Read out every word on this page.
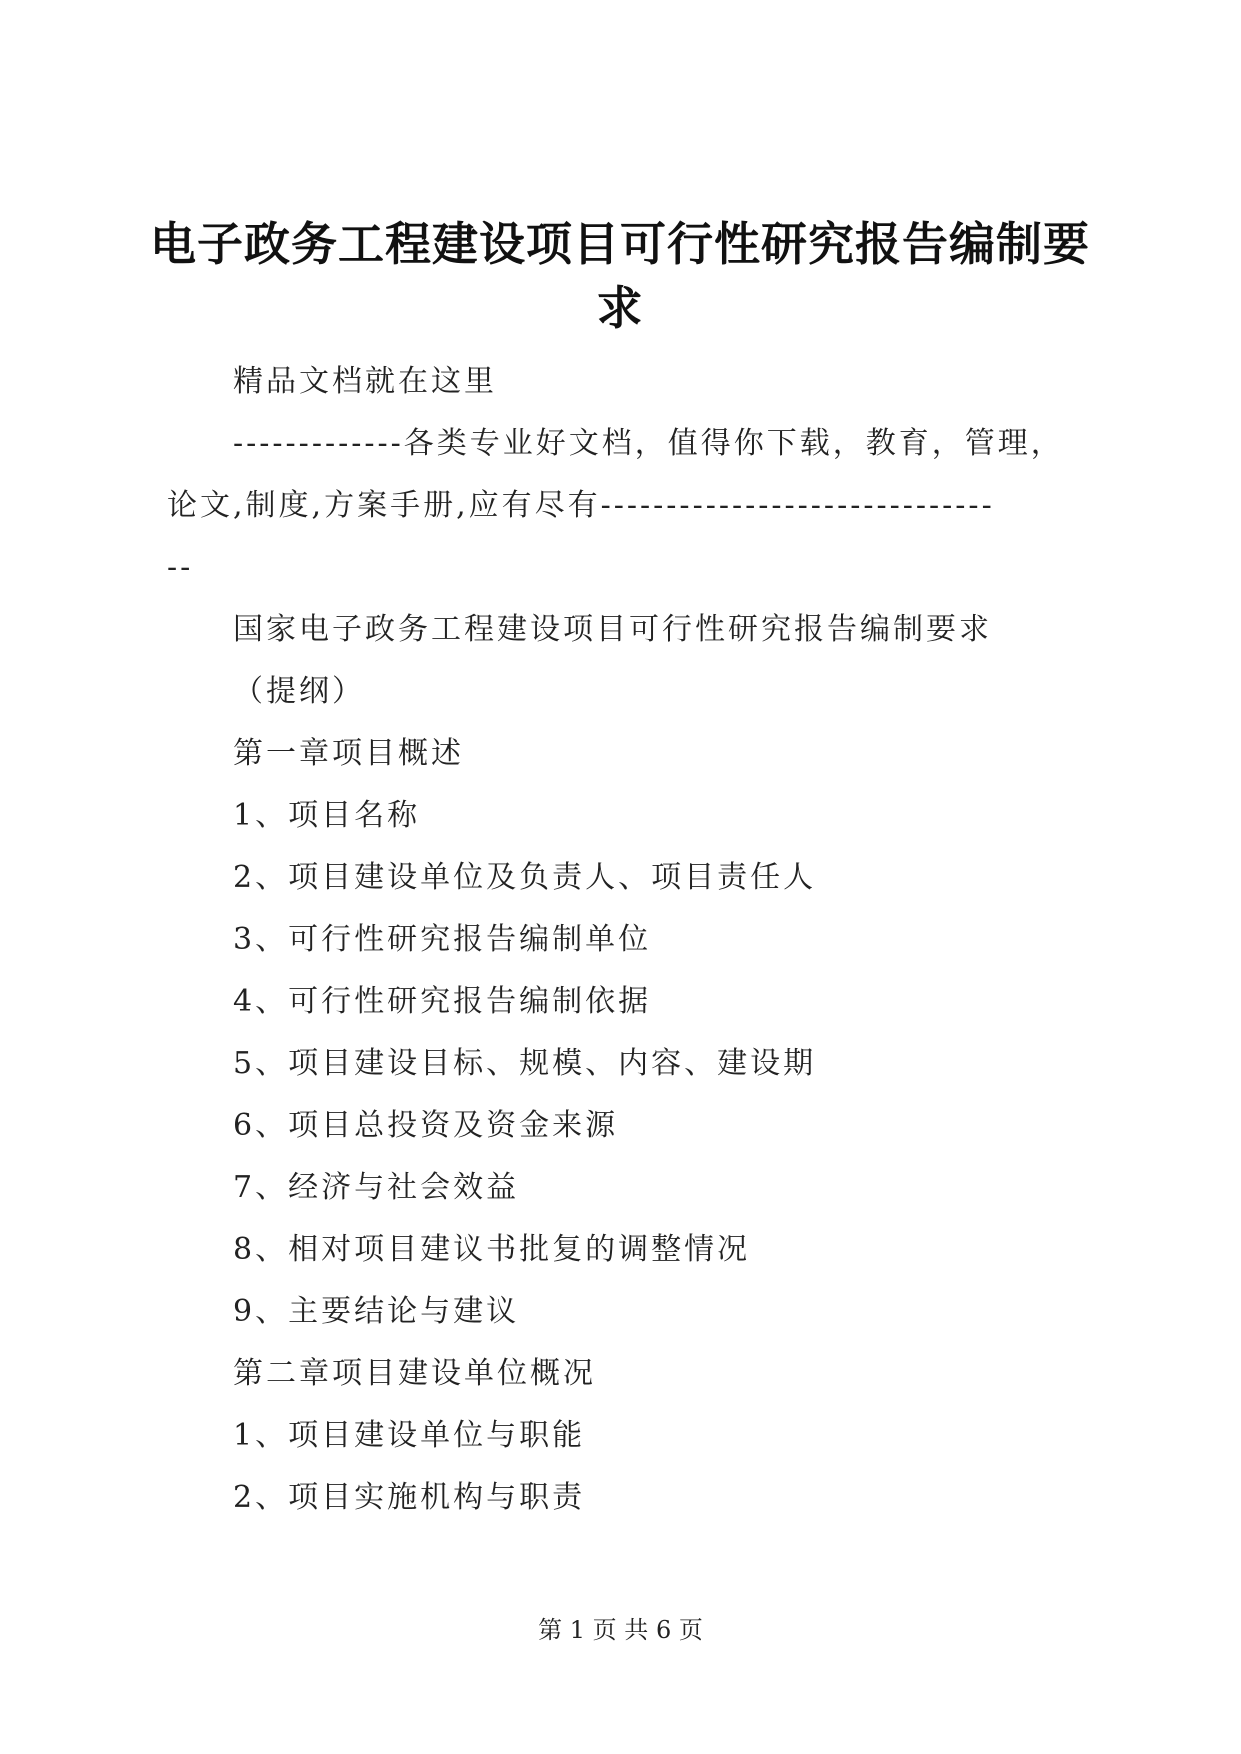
电子政务工程建设项目可行性研究报告编制要求

精品文档就在这里

-------------各类专业好文档，值得你下载，教育，管理，

论文,制度,方案手册,应有尽有------------------------------

--

国家电子政务工程建设项目可行性研究报告编制要求

（提纲）

第一章项目概述

1、项目名称

2、项目建设单位及负责人、项目责任人

3、可行性研究报告编制单位

4、可行性研究报告编制依据

5、项目建设目标、规模、内容、建设期

6、项目总投资及资金来源

7、经济与社会效益

8、相对项目建议书批复的调整情况

9、主要结论与建议

第二章项目建设单位概况

1、项目建设单位与职能

2、项目实施机构与职责

第 1 页 共 6 页
